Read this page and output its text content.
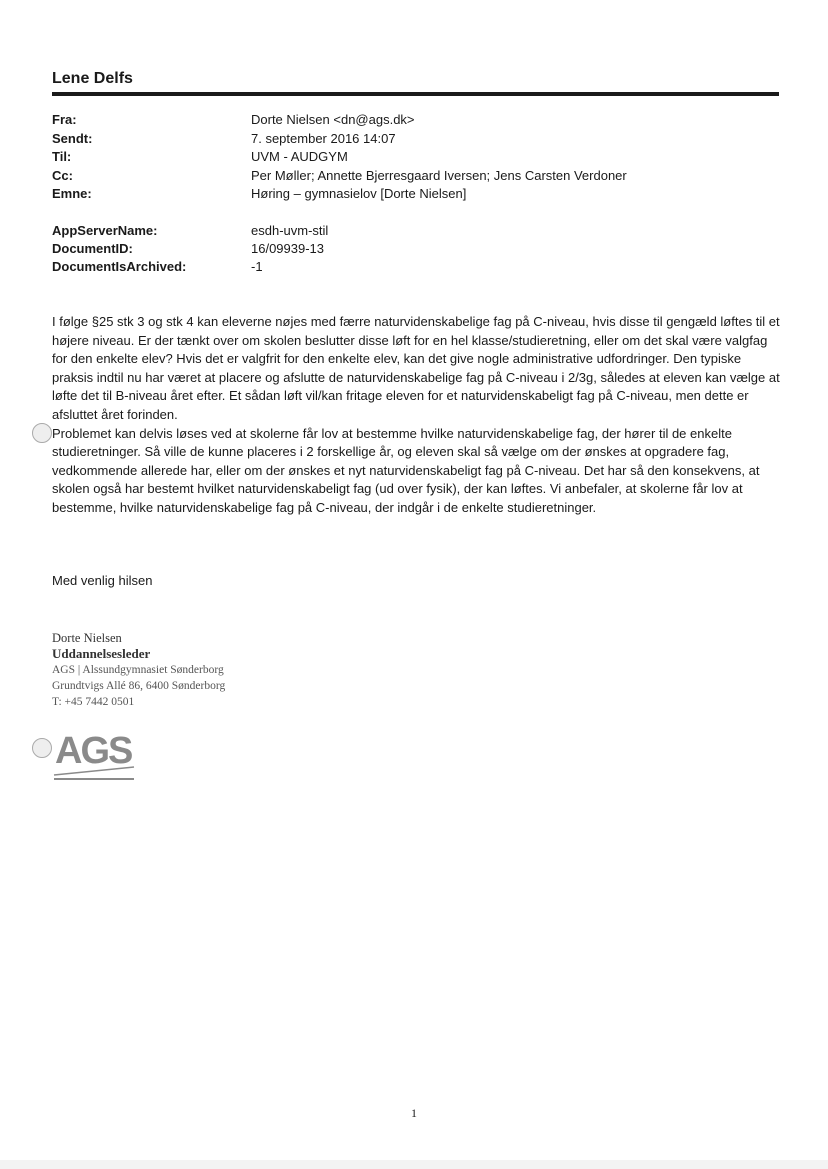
Lene Delfs
Fra:	Dorte Nielsen <dn@ags.dk>
Sendt:	7. september 2016 14:07
Til:	UVM - AUDGYM
Cc:	Per Møller; Annette Bjerresgaard Iversen; Jens Carsten Verdoner
Emne:	Høring – gymnasielov [Dorte Nielsen]
AppServerName:	esdh-uvm-stil
DocumentID:	16/09939-13
DocumentIsArchived:	-1

I følge §25 stk 3 og stk 4 kan eleverne nøjes med færre naturvidenskabelige fag på C-niveau, hvis disse til gengæld løftes til et højere niveau. Er der tænkt over om skolen beslutter disse løft for en hel klasse/studieretning, eller om det skal være valgfag for den enkelte elev? Hvis det er valgfrit for den enkelte elev, kan det give nogle administrative udfordringer. Den typiske praksis indtil nu har været at placere og afslutte de naturvidenskabelige fag på C-niveau i 2/3g, således at eleven kan vælge at løfte det til B-niveau året efter. Et sådan løft vil/kan fritage eleven for et naturvidenskabeligt fag på C-niveau, men dette er afsluttet året forinden.

Problemet kan delvis løses ved at skolerne får lov at bestemme hvilke naturvidenskabelige fag, der hører til de enkelte studieretninger. Så ville de kunne placeres i 2 forskellige år, og eleven skal så vælge om der ønskes at opgradere fag, vedkommende allerede har, eller om der ønskes et nyt naturvidenskabeligt fag på C-niveau. Det har så den konsekvens, at skolen også har bestemt hvilket naturvidenskabeligt fag (ud over fysik), der kan løftes. Vi anbefaler, at skolerne får lov at bestemme, hvilke naturvidenskabelige fag på C-niveau, der indgår i de enkelte studieretninger.

Med venlig hilsen
Dorte Nielsen
Uddannelsesleder
AGS | Alssundgymnasiet Sønderborg
Grundtvigs Allé 86, 6400 Sønderborg
T: +45 7442 0501
AGS
1
